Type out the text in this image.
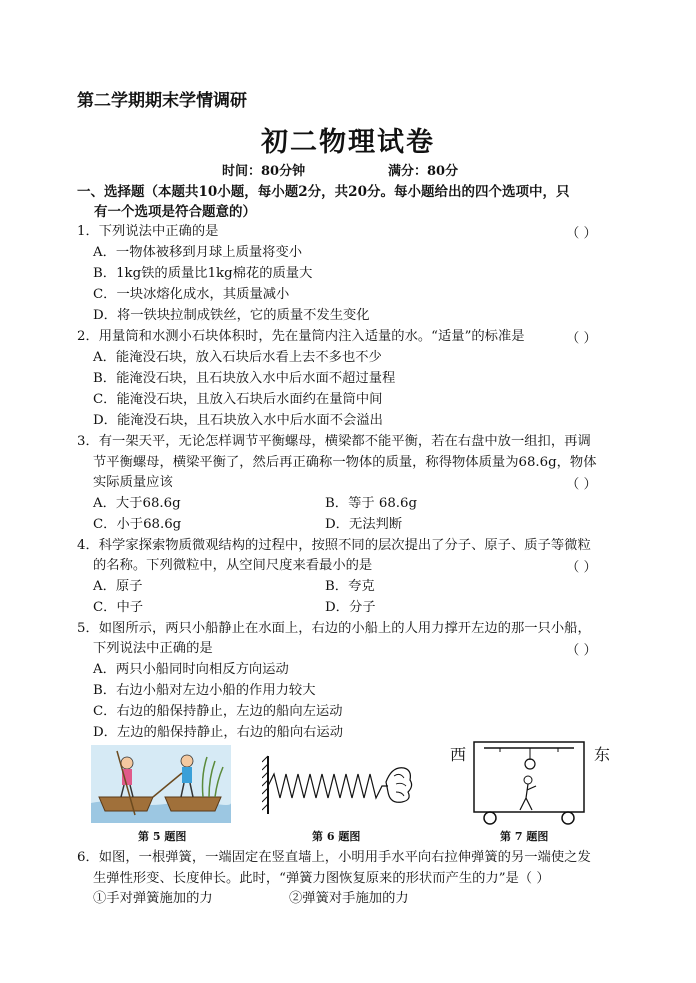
第二学期期末学情调研
初二物理试卷
时间：80分钟	满分：80分
一、选择题（本题共10小题，每小题2分，共20分。每小题给出的四个选项中，只
有一个选项是符合题意的）
1．下列说法中正确的是	（ ）
A．一物体被移到月球上质量将变小
B．1kg铁的质量比1kg棉花的质量大
C．一块冰熔化成水，其质量减小
D．将一铁块拉制成铁丝，它的质量不发生变化
2．用量筒和水测小石块体积时，先在量筒内注入适量的水。“适量”的标准是	（ ）
A．能淹没石块，放入石块后水看上去不多也不少
B．能淹没石块，且石块放入水中后水面不超过量程
C．能淹没石块，且放入石块后水面约在量筒中间
D．能淹没石块，且石块放入水中后水面不会溢出
3．有一架天平，无论怎样调节平衡螺母，横梁都不能平衡，若在右盘中放一组扣，再调
节平衡螺母，横梁平衡了，然后再正确称一物体的质量，称得物体质量为68.6g，物体
实际质量应该	（ ）
A．大于68.6g	B．等于 68.6g
C．小于68.6g	D．无法判断
4．科学家探索物质微观结构的过程中，按照不同的层次提出了分子、原子、质子等微粒
的名称。下列微粒中，从空间尺度来看最小的是	（ ）
A．原子	B．夸克
C．中子	D．分子
5．如图所示，两只小船静止在水面上，右边的小船上的人用力撑开左边的那一只小船，
下列说法中正确的是	（ ）
A．两只小船同时向相反方向运动
B．右边小船对左边小船的作用力较大
C．右边的船保持静止，左边的船向左运动
D．左边的船保持静止，右边的船向右运动
第 5 题图	第 6 题图
西	东
第 7 题图
6．如图，一根弹簧，一端固定在竖直墙上，小明用手水平向右拉伸弹簧的另一端使之发
生弹性形变、长度伸长。此时，“弹簧力图恢复原来的形状而产生的力”是（ ）
①手对弹簧施加的力	②弹簧对手施加的力
